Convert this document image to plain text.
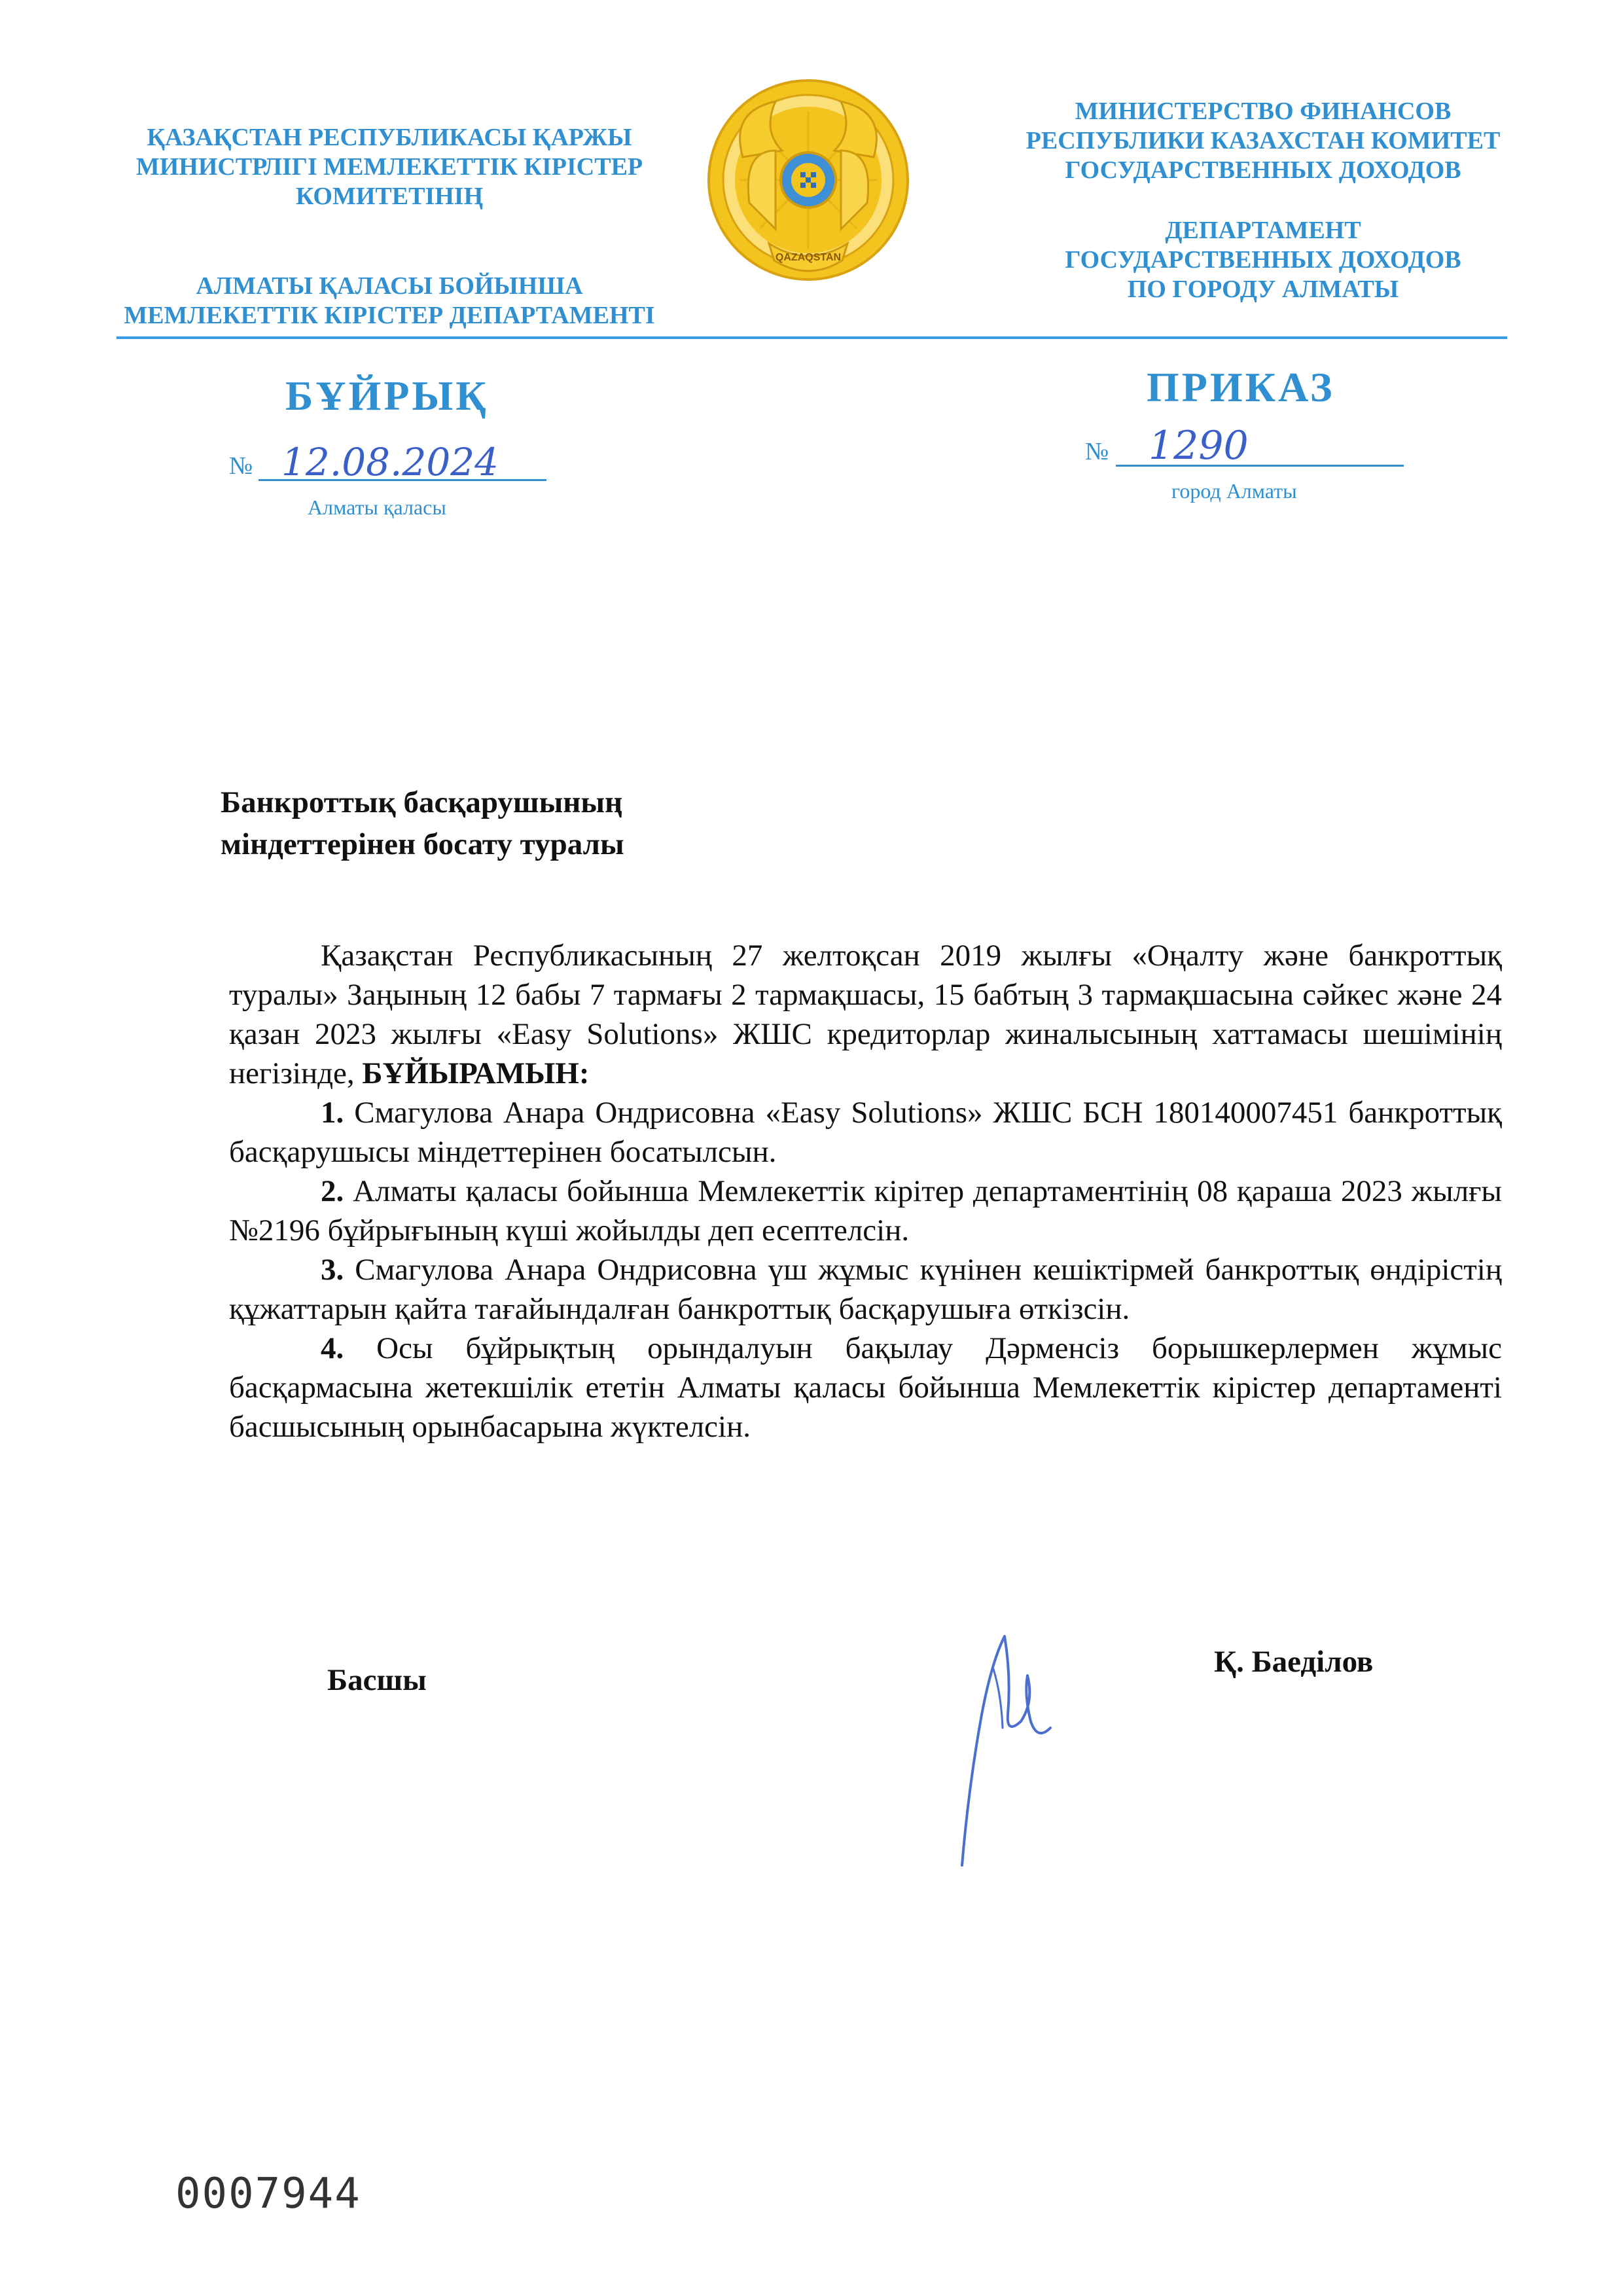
ҚАЗАҚСТАН РЕСПУБЛИКАСЫ ҚАРЖЫ
МИНИСТРЛІГІ МЕМЛЕКЕТТІК КІРІСТЕР
КОМИТЕТІНІҢ
АЛМАТЫ ҚАЛАСЫ БОЙЫНША
МЕМЛЕКЕТТІК КІРІСТЕР ДЕПАРТАМЕНТІ
QAZAQSTAN
МИНИСТЕРСТВО ФИНАНСОВ
РЕСПУБЛИКИ КАЗАХСТАН КОМИТЕТ
ГОСУДАРСТВЕННЫХ ДОХОДОВ
ДЕПАРТАМЕНТ
ГОСУДАРСТВЕННЫХ ДОХОДОВ
ПО ГОРОДУ АЛМАТЫ
БҰЙРЫҚ	ПРИКАЗ
№ 12.08.2024
Алматы қаласы
№ 1290
город Алматы
Банкроттық басқарушының
міндеттерінен босату туралы

Қазақстан Республикасының 27 желтоқсан 2019 жылғы «Оңалту және банкроттық туралы» Заңының 12 бабы 7 тармағы 2 тармақшасы, 15 бабтың 3 тармақшасына сәйкес және 24 қазан 2023 жылғы «Easy Solutions» ЖШС кредиторлар жиналысының хаттамасы шешімінің негізінде, БҰЙЫРАМЫН:

1. Смагулова Анара Ондрисовна «Easy Solutions» ЖШС БСН 180140007451 банкроттық басқарушысы міндеттерінен босатылсын.

2. Алматы қаласы бойынша Мемлекеттік кірітер департаментінің 08 қараша 2023 жылғы №2196 бұйрығының күші жойылды деп есептелсін.

3. Смагулова Анара Ондрисовна үш жұмыс күнінен кешіктірмей банкроттық өндірістің құжаттарын қайта тағайындалған банкроттық басқарушыға өткізсін.

4. Осы бұйрықтың орындалуын бақылау Дәрменсіз борышкерлермен жұмыс басқармасына жетекшілік ететін Алматы қаласы бойынша Мемлекеттік кірістер департаменті басшысының орынбасарына жүктелсін.

Басшы
Қ. Баеділов
0007944
